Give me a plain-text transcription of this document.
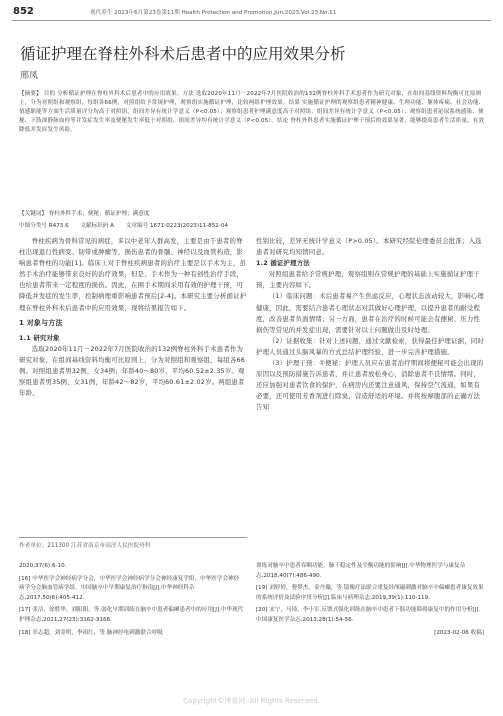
852	现代养生 2023年6月第23卷第11期 Health Protection and Promotion,Jun.2023,Vol.23,No.11
循证护理在脊柱外科术后患者中的应用效果分析
邢凤
【摘要】 目的 分析循证护理在脊柱外科术后患者中的应用效果。方法 选取2020年11月－2022年7月医院收治的132例脊柱外科手术患者作为研究对象，在组间基线资料均衡可比原则上，分为对照组和观察组，每组各66例，对照组给予常规护理，观察组实施循证护理，比较两组护理效果。结果 实施循证护理的观察组患者精神健康、生理功能、躯体疼痛、社会功能、情感职能等方面生活质量评分均高于对照组，组间差异有统计学意义（P<0.05）；观察组患者护理满意度高于对照组，组间差异有统计学意义（P<0.05）；观察组患者泌尿系统感染、便秘、下肢深静脉血栓等并发症发生率及便秘发生率低于对照组，组间差异均有统计学意义（P<0.05）。结论 脊柱外科患者实施循证护理干预后的效果显著，能够提高患者生活质量，有效降低并发症发生风险。
【关键词】 脊柱外科手术；便秘；循证护理；满意度
中图分类号 R473.6 文献标识码 A 文章编号 1671-0223(2023)11-852-04

脊柱疾病为骨科常见的病症，多以中老年人群高发，主要是由于患者的脊柱出现退行性病变、韧带或肿瘤等，损伤患者的骨髓、神经以及血管构造，影响患者脊柱的功能[1]。临床上对于脊柱疾病患者的治疗主要是以手术为主，虽然手术治疗能够带来良好的治疗效果，但是，手术作为一种有创性治疗手段，也给患者带来一定程度的损伤。因此，在围手术期间采用有效的护理干预，可降低并发症的发生率，控制病理重影响患者预后[2-4]。本研究主要分析循证护理在脊柱外科术后患者中的应用效果，现将结果报告如下。

1 对象与方法

1.1 研究对象

选取2020年11月－2022年7月医院收治的132例脊柱外科手术患者作为研究对象，在组间基线资料均衡可比原则上，分为对照组和观察组，每组各66例。对照组患者男32例，女34例；年龄40～80岁，平均60.52±2.35岁。观察组患者男35例，女31例，年龄42～82岁，平均60.61±2.02岁。两组患者年龄、

性别比较，差异无统计学意义（P>0.05）。本研究经院伦理委员会批准；入选患者对研究均知情同意。

1.2 循证护理方法

对照组患者给予常规护理，观察组则在常规护理的基础上实施循证护理干预，主要内容如下。

（1）临床问题：术后患者易产生焦虑反应，心理状态波动较大，影响心理健康，因此，需要结合患者心理状态对其做好心理护理，以提升患者的耐受程度，改善患者负面情绪；另一方面，患者在治疗的时候可能会有便秘、压力性损伤等常见的并发症出现，需要针对以上问题做出及时处理。

（2）证据收集：针对上述问题，通过文献检索，获得最佳护理证据，同时护理人员通过头脑风暴的方式总结护理经验，进一步完善护理措施。

（3）护理干预：①便秘：护理人员应在患者治疗期间将便秘可能会出现的原因以及预防措施告诉患者，并让患者放松身心，消除患者不良情绪。同时，还应加强对患者饮食的保护，在病房内还要注意通风，保持空气流通，如果有必要，还可使用芳香剂进行除臭，营造舒适的环境。并将按摩腹部的正确方法告知

作者单位：211300 江苏省南京市高淳人民医院骨科
2020,37(6):6-10.
[16] 中华医学会神经病学分会，中华医学会神经病学分会神经康复学组，中华医学会神经病学分会脑血管病学组。中国脑卒中早期康复治疗指南[J].中华神经科杂志,2017,50(6):405-412.
[17] 张洁，徐胜华，刘阳阳，等.弱化早期训练在脑卒中患者偏瘫患者中的应用[J].中华现代护理杂志,2021,27(23):3162-3166.
[18] 章志超，刘金明，李祖红，等.脑神经电刺激联合呼吸
训练对脑卒中患者吞咽功能，肺干稳定性及平衡功能的影响[J].中华物理医学与康复杂志,2018,40(7):486-490.
[19] 刘婷婷，曹梦杰，金丹薇，等.镜像疗法联合重复经颅磁刺激对脑卒中偏瘫患者康复效果的系统评价及试验序贯分析[J].临床与病理杂志,2019,39(1):110-119.
[20] 宋宁，马琦，李小军.反馈式强化训练在脑卒中患者下肢功能障碍康复中的作用分析[J].中国康复医学杂志,2013,28(1):54-56.
[2023-02-06 收稿]
Copyright©博看网. All Rights Reserved.
